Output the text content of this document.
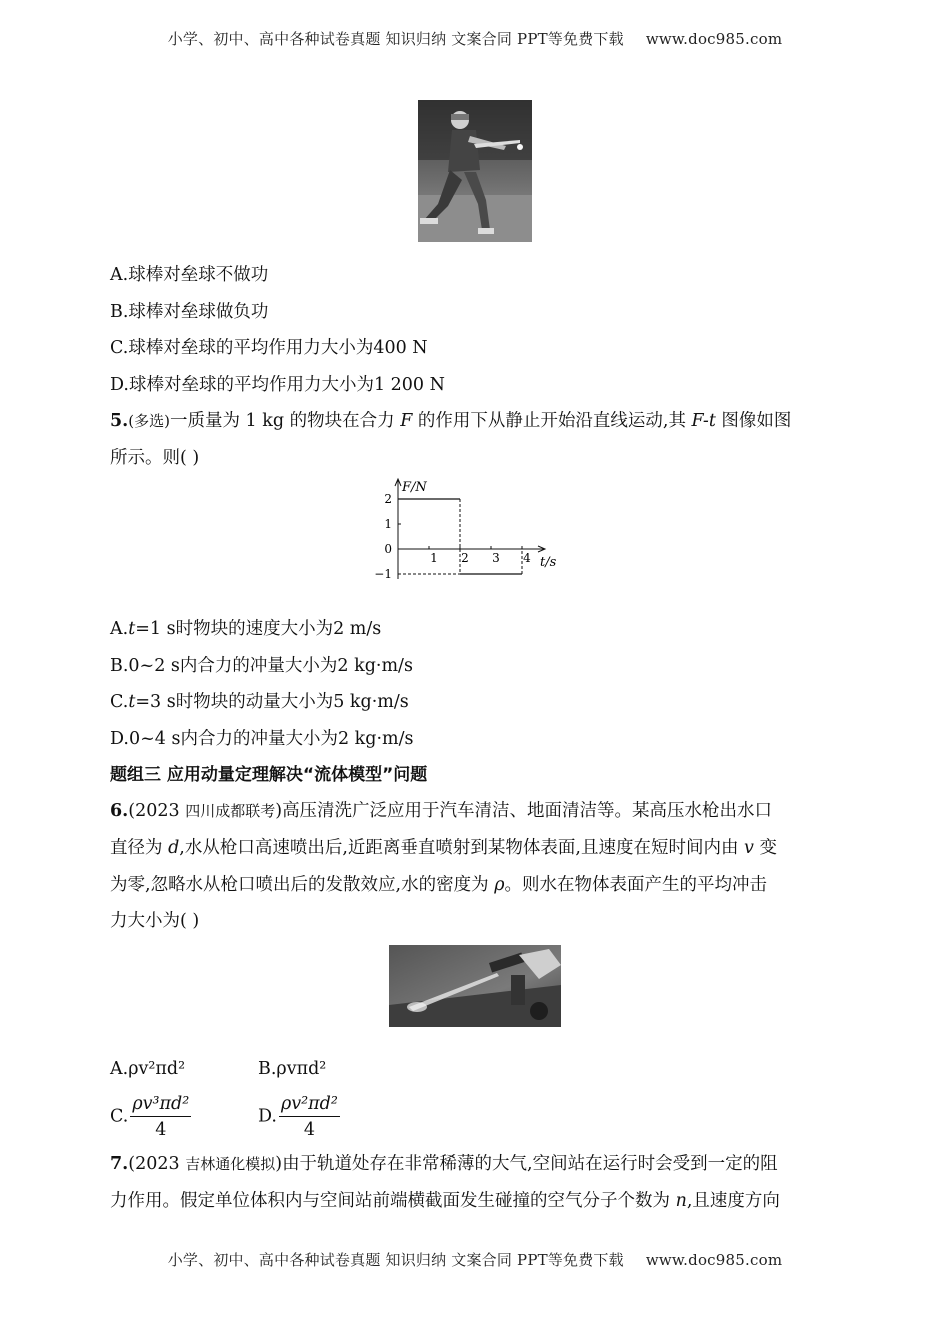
小学、初中、高中各种试卷真题 知识归纳 文案合同 PPT等免费下载 www.doc985.com
A.球棒对垒球不做功
B.球棒对垒球做负功
C.球棒对垒球的平均作用力大小为400 N
D.球棒对垒球的平均作用力大小为1 200 N
5.(多选)一质量为 1 kg 的物块在合力 F 的作用下从静止开始沿直线运动,其 F-t 图像如图
所示。则( )
F/N
t/s
2
1
0
−1
1 2 3 4
A.t=1 s时物块的速度大小为2 m/s
B.0~2 s内合力的冲量大小为2 kg·m/s
C.t=3 s时物块的动量大小为5 kg·m/s
D.0~4 s内合力的冲量大小为2 kg·m/s
题组三 应用动量定理解决“流体模型”问题
6.(2023 四川成都联考)高压清洗广泛应用于汽车清洁、地面清洁等。某高压水枪出水口
直径为 d,水从枪口高速喷出后,近距离垂直喷射到某物体表面,且速度在短时间内由 v 变
为零,忽略水从枪口喷出后的发散效应,水的密度为 ρ。则水在物体表面产生的平均冲击
力大小为( )
A.ρv²πd²	B.ρvπd²
C. $\frac{\text{ρv³πd²}}{4}$	D. $\frac{\text{ρv²πd²}}{4}$
7.(2023 吉林通化模拟)由于轨道处存在非常稀薄的大气,空间站在运行时会受到一定的阻
力作用。假定单位体积内与空间站前端横截面发生碰撞的空气分子个数为 n,且速度方向
小学、初中、高中各种试卷真题 知识归纳 文案合同 PPT等免费下载 www.doc985.com
